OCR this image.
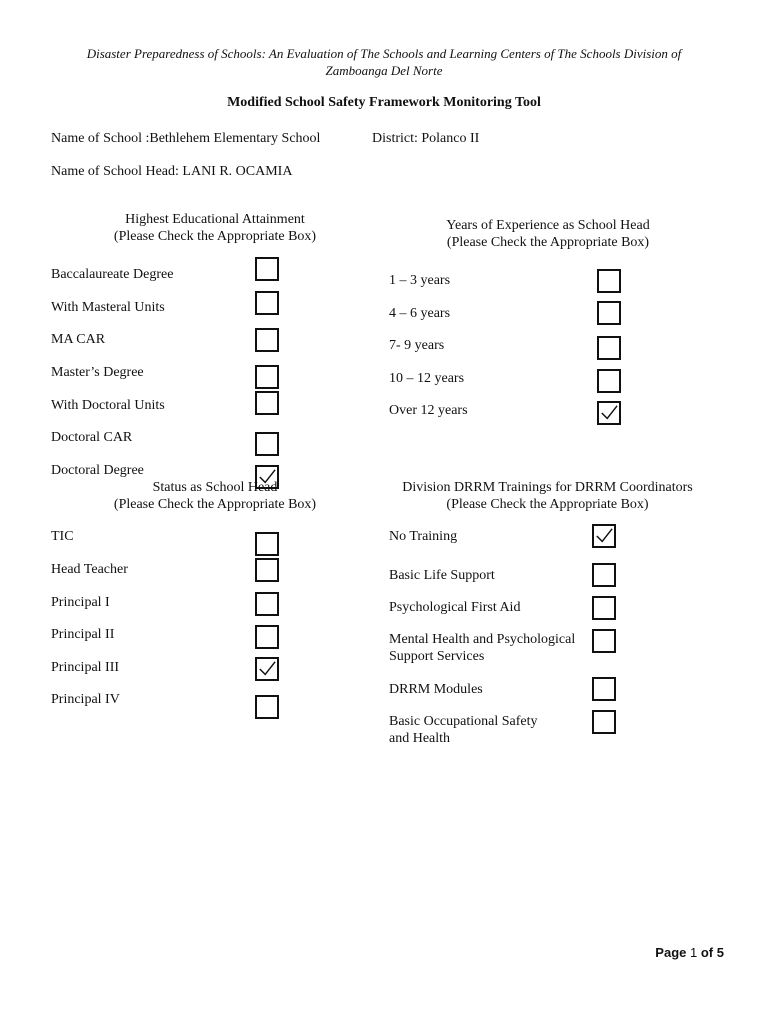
Disaster Preparedness of Schools: An Evaluation of The Schools and Learning Centers of The Schools Division of
Zamboanga Del Norte
Modified School Safety Framework Monitoring Tool
Name of School :Bethlehem Elementary School	District: Polanco II
Name of School Head: LANI R. OCAMIA
Highest Educational Attainment
(Please Check the Appropriate Box)
Baccalaureate Degree
With Masteral Units
MA CAR
Master’s Degree
With Doctoral Units
Doctoral CAR
Doctoral Degree
Years of Experience as School Head
(Please Check the Appropriate Box)
1 – 3 years
4 – 6 years
7- 9 years
10 – 12 years
Over 12 years
Status as School Head
(Please Check the Appropriate Box)
TIC
Head Teacher
Principal I
Principal II
Principal III
Principal IV
Division DRRM Trainings for DRRM Coordinators
(Please Check the Appropriate Box)
No Training
Basic Life Support
Psychological First Aid
Mental Health and Psychological
Support Services
DRRM Modules
Basic Occupational Safety
and Health
Page 1 of 5
